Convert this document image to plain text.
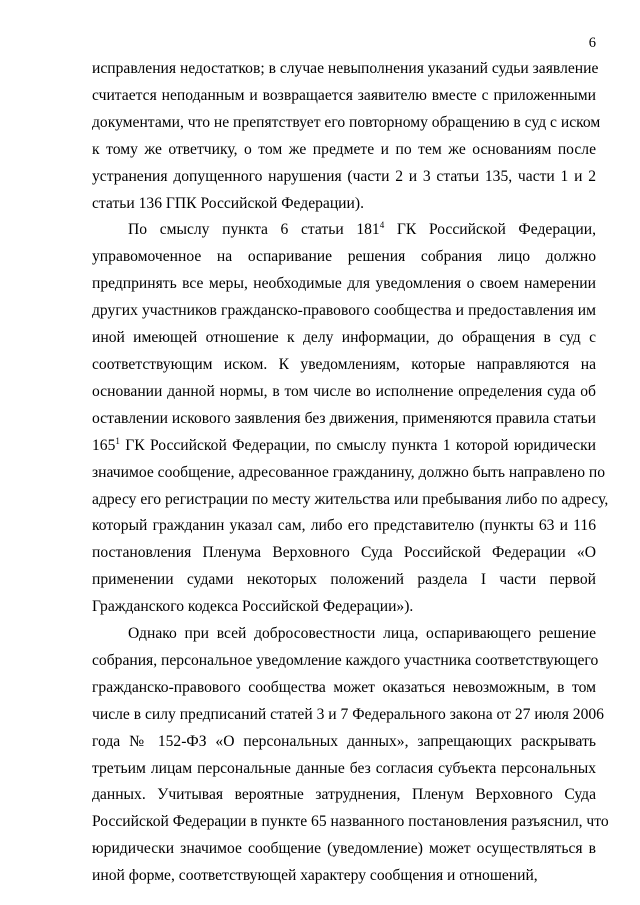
6
исправления недостатков; в случае невыполнения указаний судьи заявление
считается неподанным и возвращается заявителю вместе с приложенными
документами, что не препятствует его повторному обращению в суд с иском
к тому же ответчику, о том же предмете и по тем же основаниям после
устранения допущенного нарушения (части 2 и 3 статьи 135, части 1 и 2
статьи 136 ГПК Российской Федерации).
По смыслу пункта 6 статьи $181^4$ ГК Российской Федерации,
управомоченное на оспаривание решения собрания лицо должно
предпринять все меры, необходимые для уведомления о своем намерении
других участников гражданско-правового сообщества и предоставления им
иной имеющей отношение к делу информации, до обращения в суд с
соответствующим иском. К уведомлениям, которые направляются на
основании данной нормы, в том числе во исполнение определения суда об
оставлении искового заявления без движения, применяются правила статьи
$165^1$ ГК Российской Федерации, по смыслу пункта 1 которой юридически
значимое сообщение, адресованное гражданину, должно быть направлено по
адресу его регистрации по месту жительства или пребывания либо по адресу,
который гражданин указал сам, либо его представителю (пункты 63 и 116
постановления Пленума Верховного Суда Российской Федерации «О
применении судами некоторых положений раздела I части первой
Гражданского кодекса Российской Федерации»).
Однако при всей добросовестности лица, оспаривающего решение
собрания, персональное уведомление каждого участника соответствующего
гражданско-правового сообщества может оказаться невозможным, в том
числе в силу предписаний статей 3 и 7 Федерального закона от 27 июля 2006
года № 152-ФЗ «О персональных данных», запрещающих раскрывать
третьим лицам персональные данные без согласия субъекта персональных
данных. Учитывая вероятные затруднения, Пленум Верховного Суда
Российской Федерации в пункте 65 названного постановления разъяснил, что
юридически значимое сообщение (уведомление) может осуществляться в
иной форме, соответствующей характеру сообщения и отношений,
